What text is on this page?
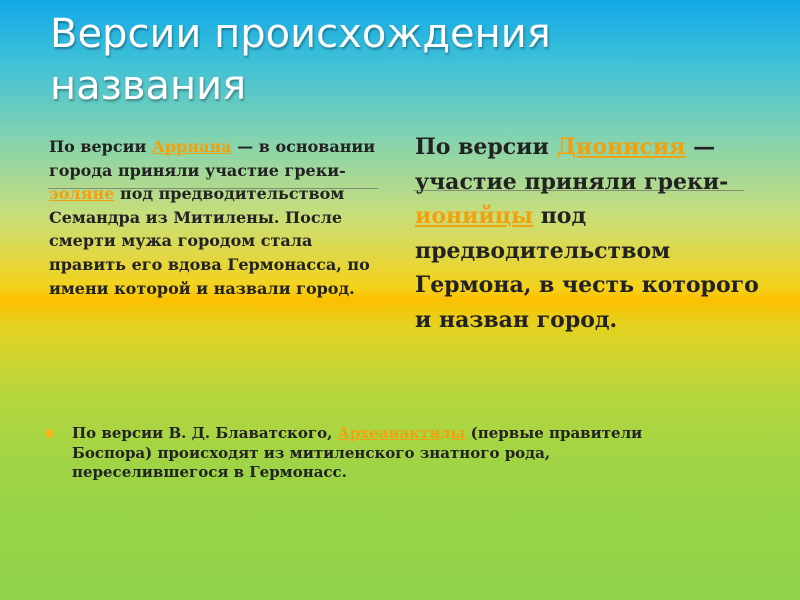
Версии происхождения названия
По версии Арриана — в основании города приняли участие греки-эоляне под предводительством Семандра из Митилены. После смерти мужа городом стала править его вдова Гермонасса, по имени которой и назвали город.
По версии Дионисия — участие приняли греки-ионийцы под предводительством Гермона, в честь которого и назван город.
По версии В. Д. Блаватского, Археанактиды (первые правители Боспора) происходят из митиленского знатного рода, переселившегося в Гермонасс.
